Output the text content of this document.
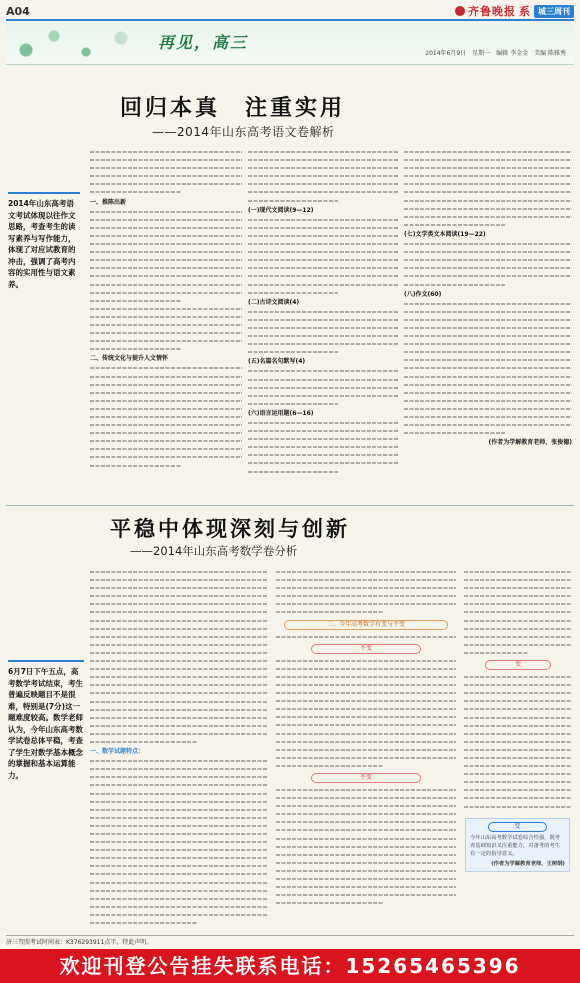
A04	齐鲁晚报 系 城三周刊
再见，高三
2014年6月9日　星期一 编辑 李金金 美编 陈雅秀
回归本真　注重实用
——2014年山东高考语文卷解析
2014年山东高考语文考试体现以往作文思路，考查考生的读写素养与写作能力，体现了对应试教育的冲击，强调了高考内容的实用性与语文素养。
一、推陈出新
二、传统文化与提升人文情怀
(一)现代文阅读(9—12)
(二)古诗文阅读(4)
(五)名篇名句默写(4)
(六)语言运用题(6—16)
(七)文学类文本阅读(19—22)
(八)作文(60)
(作者为学解教育老师，张俊德)
平稳中体现深刻与创新
——2014年山东高考数学卷分析
6月7日下午五点，高考数学考试结束，考生普遍反映题目不是很难，特别是(7分)这一题难度较高。数学老师认为，今年山东高考数学试卷总体平稳，考查了学生对数学基本概念的掌握和基本运算能力。
一、数学试题特点：
二、今年高考数学有变与不变
不变
不变
变
变
今年山东高考数学试卷综合性强，既考查基础知识又注重能力，对备考的考生有一定的指导意义。
(作者为学解教育老师，王树纲)
济三驾照考试时间表：K376293911点半，特此声明。
欢迎刊登公告挂失联系电话：15265465396
